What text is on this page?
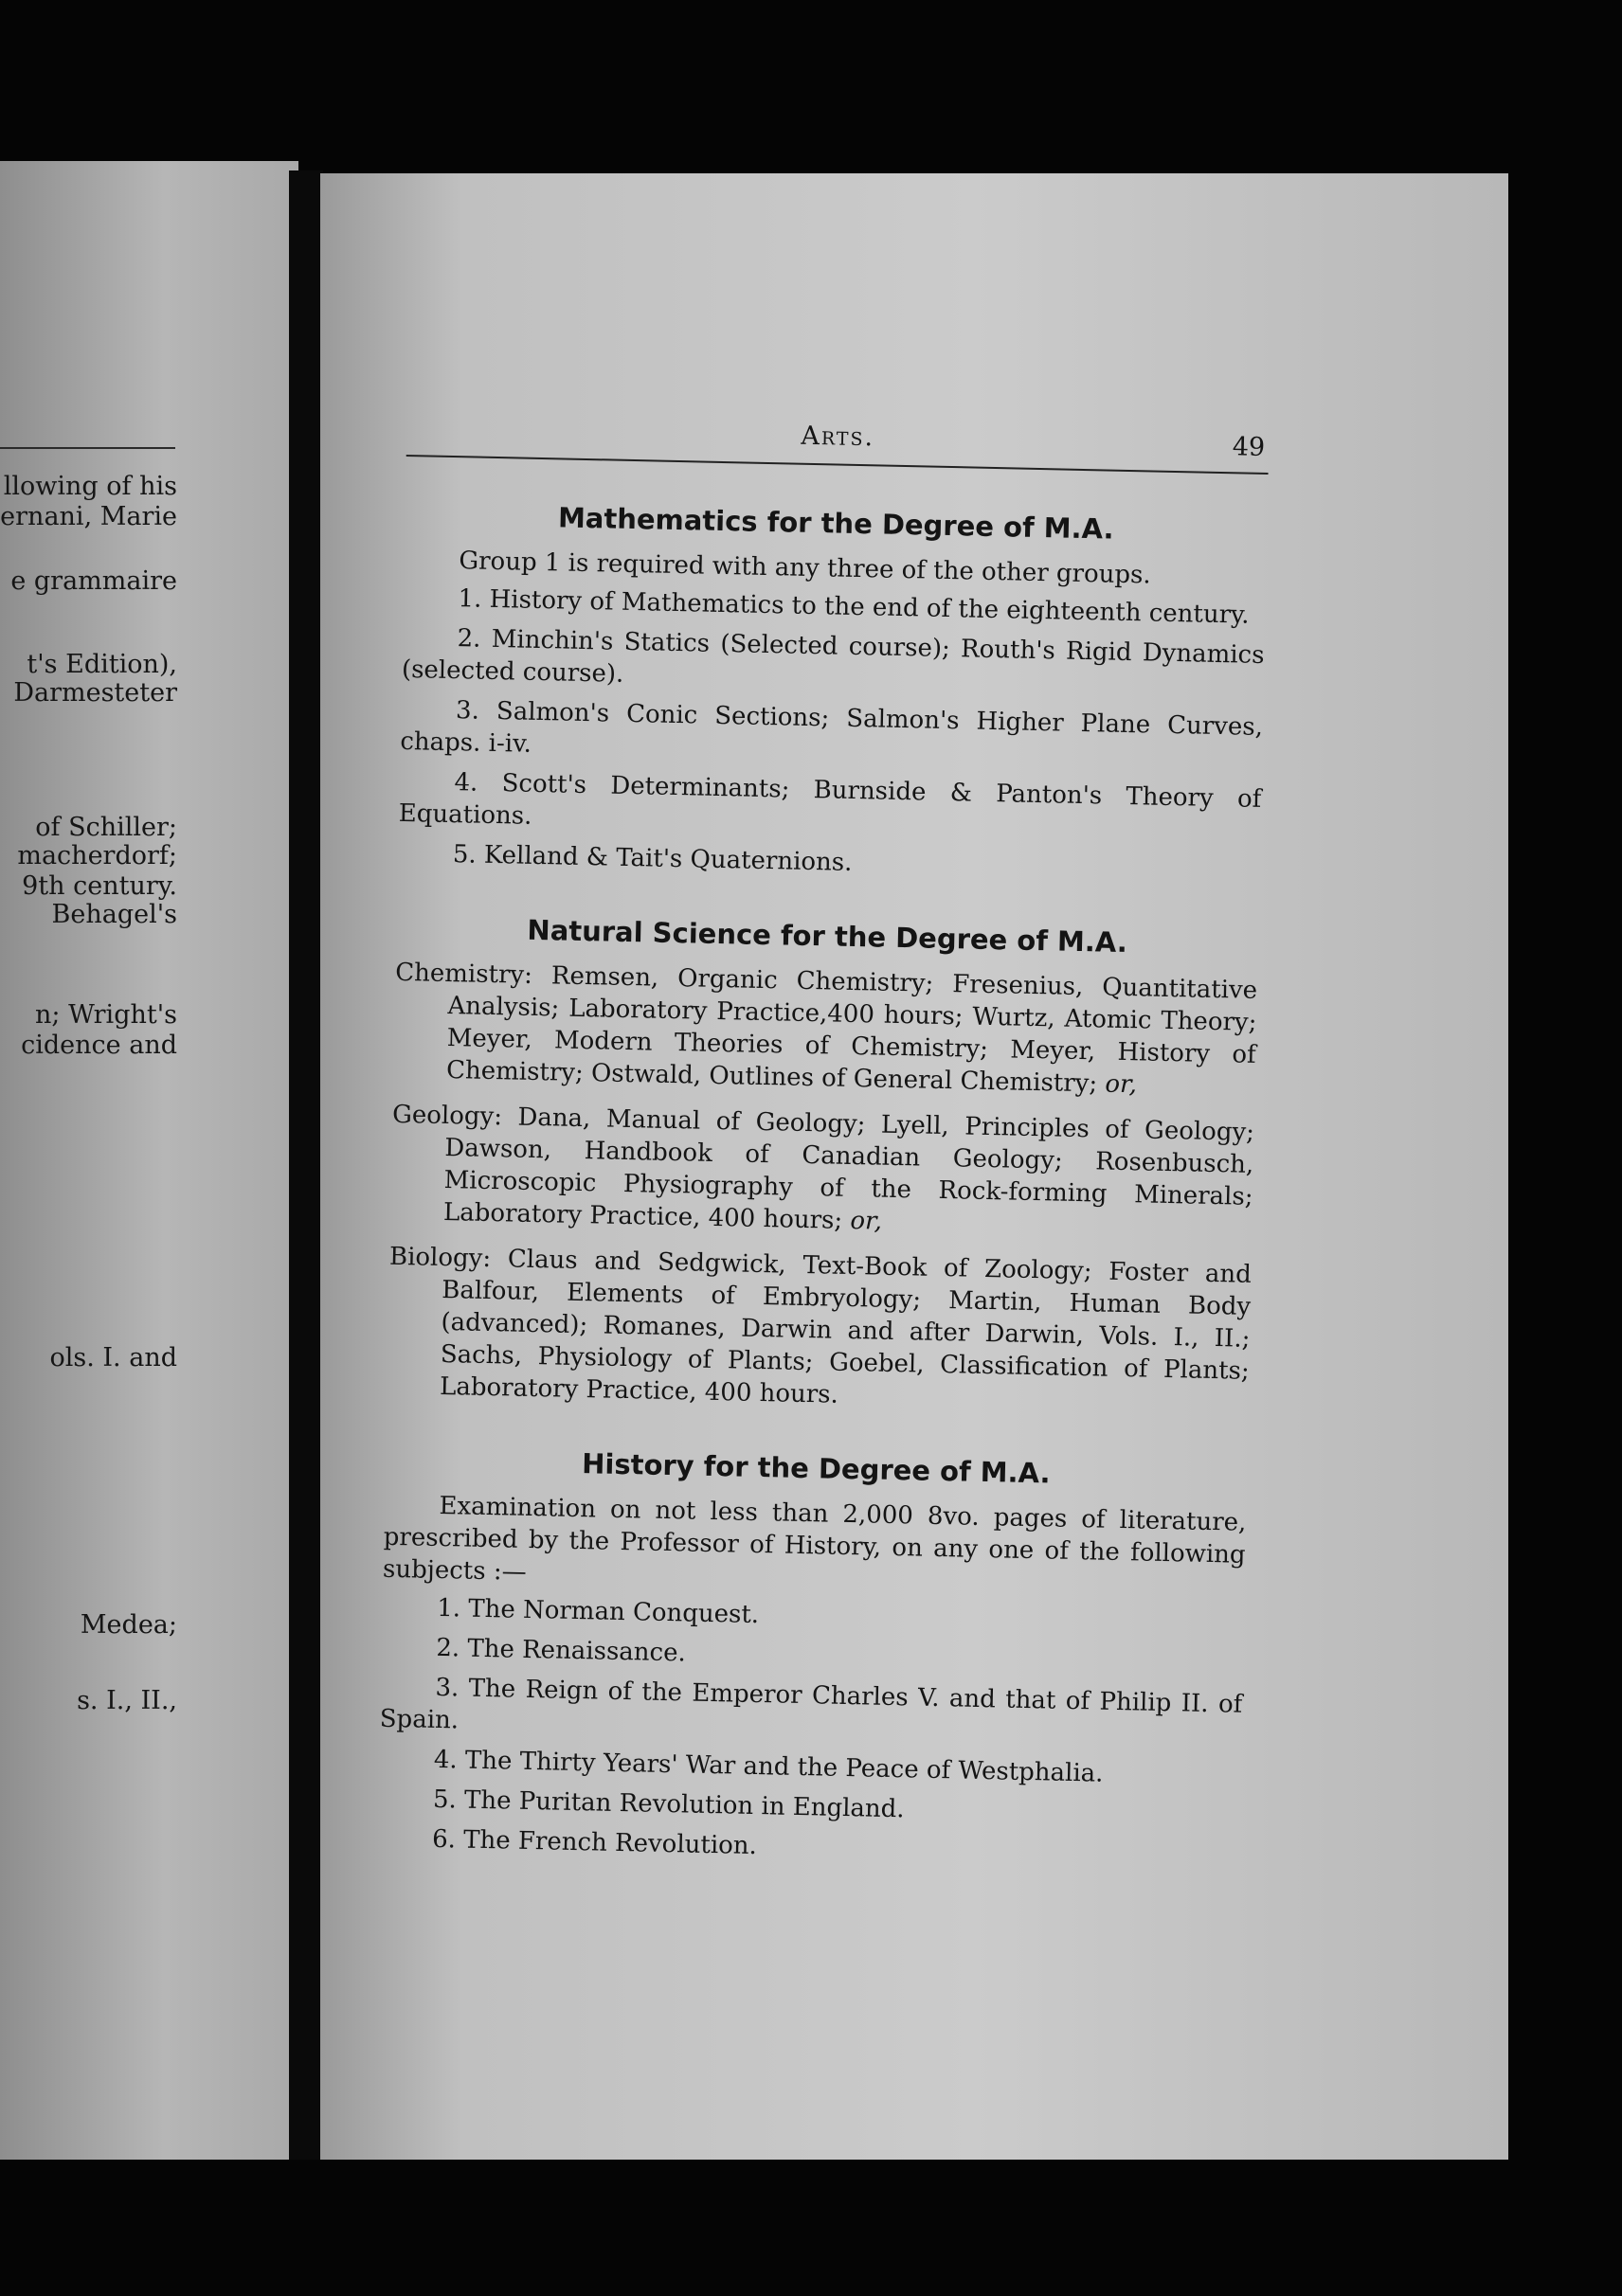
llowing of his
ernani, Marie
e grammaire
t's Edition),
Darmesteter
of Schiller;
macherdorf;
9th century.
Behagel's
n; Wright's
cidence and
ols. I. and
Medea;
s. I., II.,
Arts.	49
Mathematics for the Degree of M.A.

Group 1 is required with any three of the other groups.

1. History of Mathematics to the end of the eighteenth century.

2. Minchin's Statics (Selected course); Routh's Rigid Dynamics (selected course).

3. Salmon's Conic Sections; Salmon's Higher Plane Curves, chaps. i-iv.

4. Scott's Determinants; Burnside & Panton's Theory of Equations.

5. Kelland & Tait's Quaternions.

Natural Science for the Degree of M.A.

Chemistry: Remsen, Organic Chemistry; Fresenius, Quantitative Analysis; Laboratory Practice,400 hours; Wurtz, Atomic Theory; Meyer, Modern Theories of Chemistry; Meyer, History of Chemistry; Ostwald, Outlines of General Chemistry; or,

Geology: Dana, Manual of Geology; Lyell, Principles of Geology; Dawson, Handbook of Canadian Geology; Rosenbusch, Microscopic Physiography of the Rock-forming Minerals; Laboratory Practice, 400 hours; or,

Biology: Claus and Sedgwick, Text-Book of Zoology; Foster and Balfour, Elements of Embryology; Martin, Human Body (advanced); Romanes, Darwin and after Darwin, Vols. I., II.; Sachs, Physiology of Plants; Goebel, Classification of Plants; Laboratory Practice, 400 hours.

History for the Degree of M.A.

Examination on not less than 2,000 8vo. pages of literature, prescribed by the Professor of History, on any one of the following subjects :—

1. The Norman Conquest.

2. The Renaissance.

3. The Reign of the Emperor Charles V. and that of Philip II. of Spain.

4. The Thirty Years' War and the Peace of Westphalia.

5. The Puritan Revolution in England.

6. The French Revolution.
